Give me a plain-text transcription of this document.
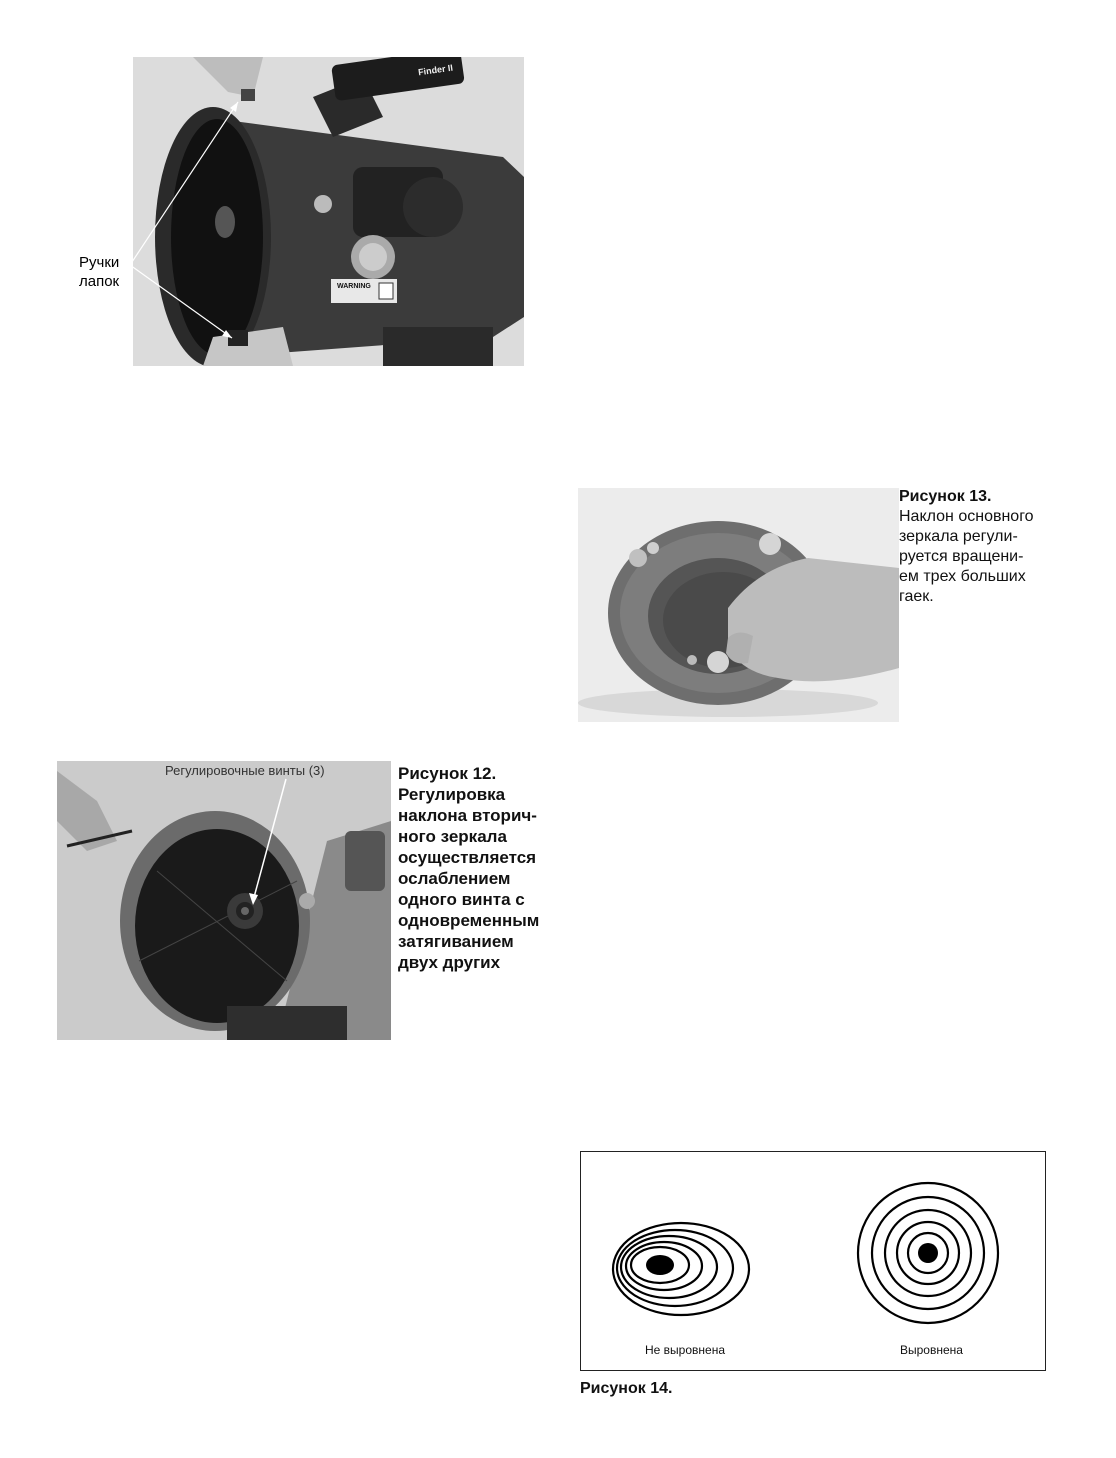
WARNING
Finder II
Ручки
лапок
Рисунок 13.
Наклон основного
зеркала регули-
руется вращени-
ем трех больших
гаек.
Регулировочные винты (3)	Рисунок 12.
Регулировка
наклона вторич-
ного зеркала
осуществляется
ослаблением
одного винта с
одновременным
затягиванием
двух других
Не выровнена	Выровнена
Рисунок 14.
